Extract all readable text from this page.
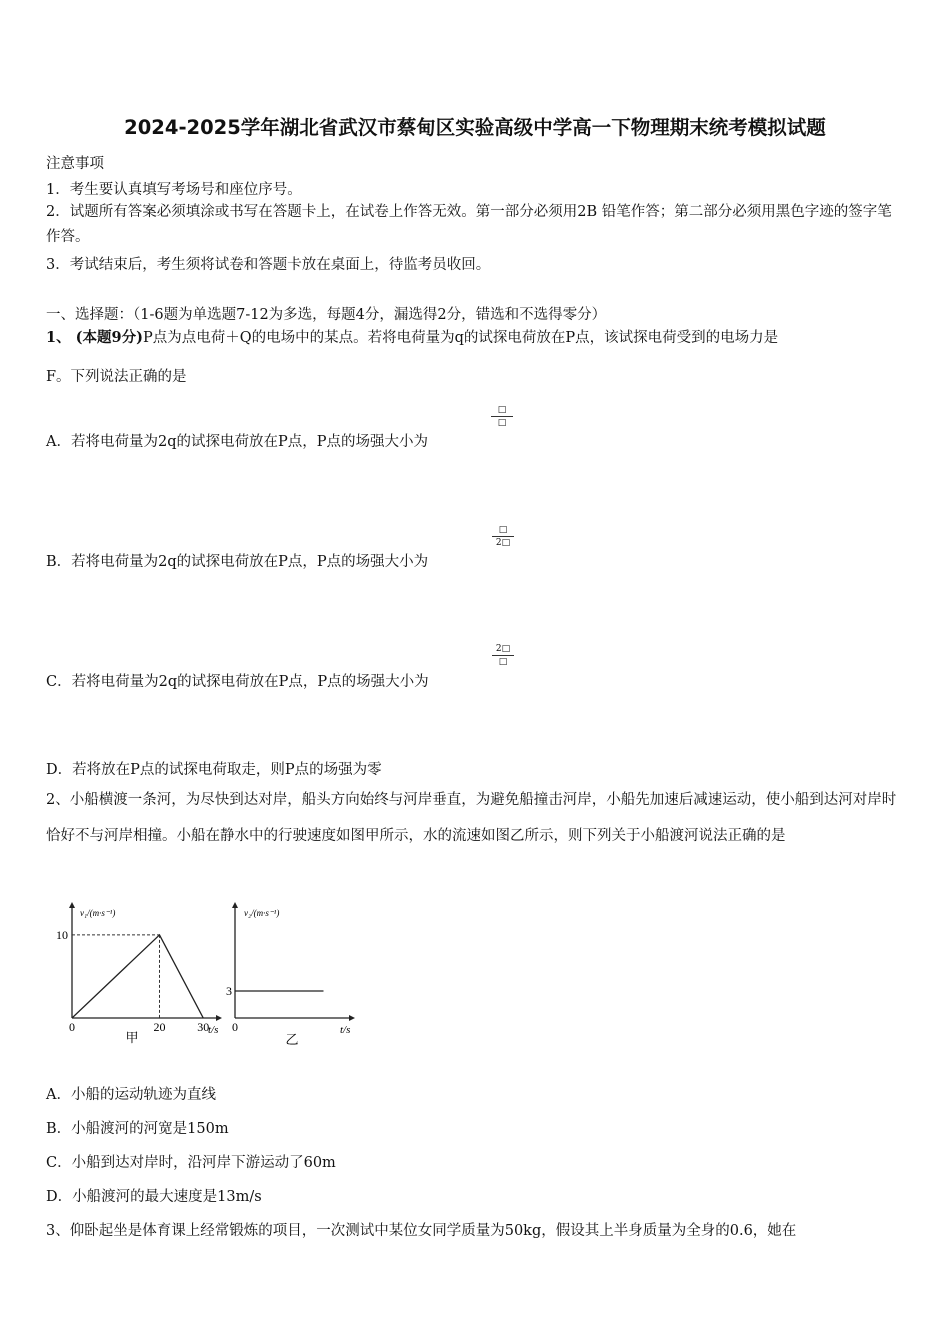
2024-2025学年湖北省武汉市蔡甸区实验高级中学高一下物理期末统考模拟试题
注意事项
1．考生要认真填写考场号和座位序号。
2．试题所有答案必须填涂或书写在答题卡上，在试卷上作答无效。第一部分必须用2B 铅笔作答；第二部分必须用黑色字迹的签字笔作答。
3．考试结束后，考生须将试卷和答题卡放在桌面上，待监考员收回。
一、选择题：（1-6题为单选题7-12为多选，每题4分，漏选得2分，错选和不选得零分）
1、 (本题9分)P点为点电荷＋Q的电场中的某点。若将电荷量为q的试探电荷放在P点，该试探电荷受到的电场力是
F。下列说法正确的是
A．若将电荷量为2q的试探电荷放在P点，P点的场强大小为
□
□
B．若将电荷量为2q的试探电荷放在P点，P点的场强大小为
□
2□
C．若将电荷量为2q的试探电荷放在P点，P点的场强大小为
2□
□
D．若将放在P点的试探电荷取走，则P点的场强为零
2、小船横渡一条河，为尽快到达对岸，船头方向始终与河岸垂直，为避免船撞击河岸，小船先加速后减速运动，使小船到达河对岸时恰好不与河岸相撞。小船在静水中的行驶速度如图甲所示，水的流速如图乙所示，则下列关于小船渡河说法正确的是
v₁/(m·s⁻¹)
t/s
0	20	30
10
甲
v₂/(m·s⁻¹)
t/s
0
3
乙
A．小船的运动轨迹为直线
B．小船渡河的河宽是150m
C．小船到达对岸时，沿河岸下游运动了60m
D．小船渡河的最大速度是13m/s
3、仰卧起坐是体育课上经常锻炼的项目，一次测试中某位女同学质量为50kg，假设其上半身质量为全身的0.6，她在
